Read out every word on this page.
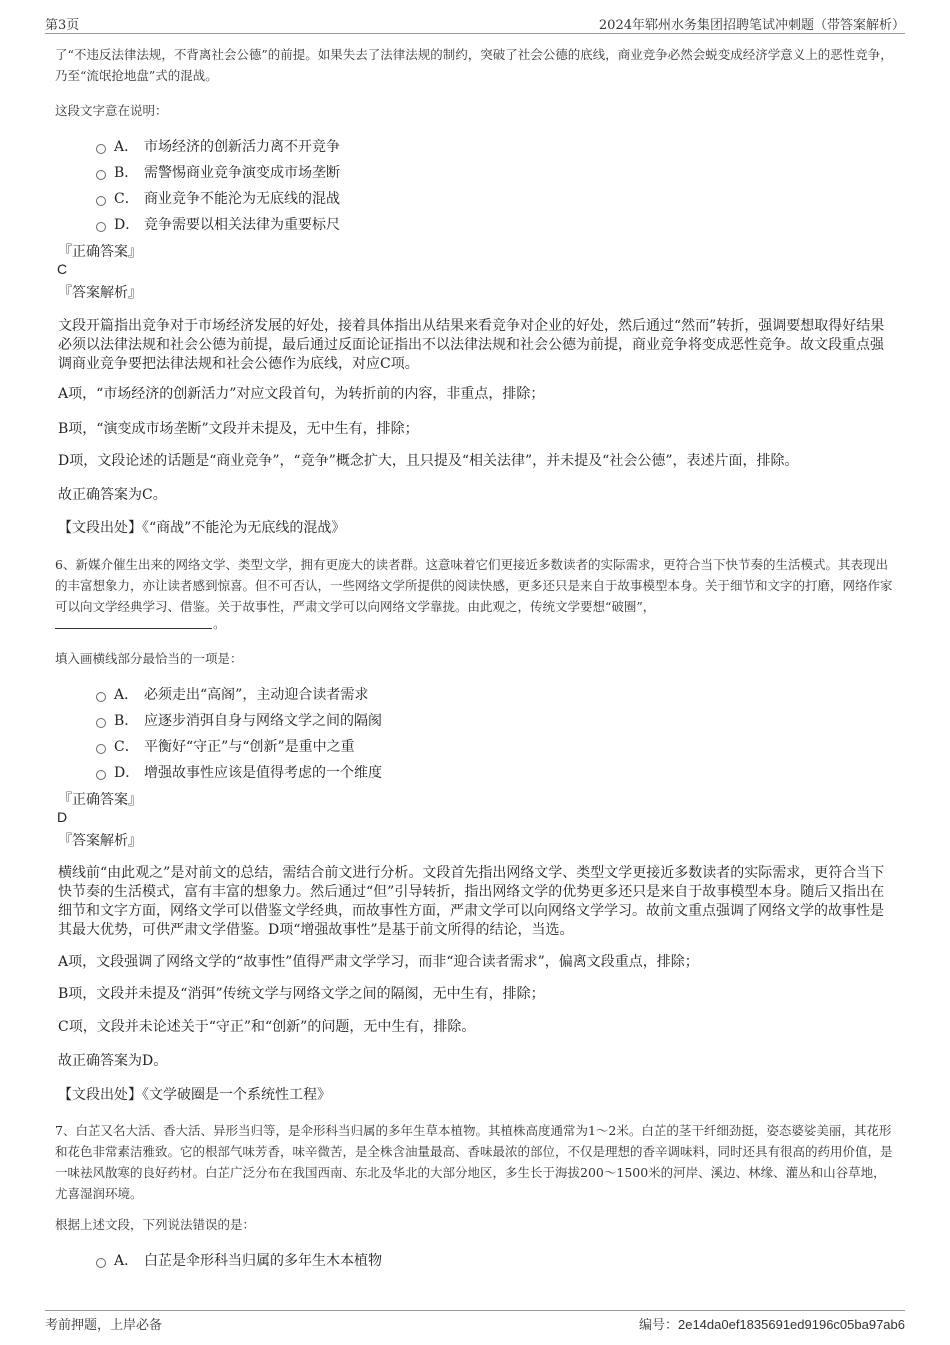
第3页	2024年郓州水务集团招聘笔试冲刺题（带答案解析）
了“不违反法律法规，不背离社会公德”的前提。如果失去了法律法规的制约，突破了社会公德的底线，商业竞争必然会蜕变成经济学意义上的恶性竞争，乃至“流氓抢地盘”式的混战。
这段文字意在说明：
A． 市场经济的创新活力离不开竞争
B． 需警惕商业竞争演变成市场垄断
C． 商业竞争不能沦为无底线的混战
D． 竞争需要以相关法律为重要标尺
『正确答案』
C
『答案解析』
文段开篇指出竞争对于市场经济发展的好处，接着具体指出从结果来看竞争对企业的好处，然后通过“然而”转折，强调要想取得好结果必须以法律法规和社会公德为前提，最后通过反面论证指出不以法律法规和社会公德为前提，商业竞争将变成恶性竞争。故文段重点强调商业竞争要把法律法规和社会公德作为底线，对应C项。
A项，“市场经济的创新活力”对应文段首句，为转折前的内容，非重点，排除；
B项，“演变成市场垄断”文段并未提及，无中生有，排除；
D项，文段论述的话题是“商业竞争”，“竞争”概念扩大，且只提及“相关法律”，并未提及“社会公德”，表述片面，排除。
故正确答案为C。
【文段出处】《“商战”不能沦为无底线的混战》
6、新媒介催生出来的网络文学、类型文学，拥有更庞大的读者群。这意味着它们更接近多数读者的实际需求，更符合当下快节奏的生活模式。其表现出的丰富想象力，亦让读者感到惊喜。但不可否认，一些网络文学所提供的阅读快感，更多还只是来自于故事模型本身。关于细节和文字的打磨，网络作家可以向文学经典学习、借鉴。关于故事性，严肃文学可以向网络文学靠拢。由此观之，传统文学要想“破圈”，
。
填入画横线部分最恰当的一项是：
A． 必须走出“高阁”，主动迎合读者需求
B． 应逐步消弭自身与网络文学之间的隔阂
C． 平衡好“守正”与“创新”是重中之重
D． 增强故事性应该是值得考虑的一个维度
『正确答案』
D
『答案解析』
横线前“由此观之”是对前文的总结，需结合前文进行分析。文段首先指出网络文学、类型文学更接近多数读者的实际需求，更符合当下快节奏的生活模式，富有丰富的想象力。然后通过“但”引导转折，指出网络文学的优势更多还只是来自于故事模型本身。随后又指出在细节和文字方面，网络文学可以借鉴文学经典，而故事性方面，严肃文学可以向网络文学学习。故前文重点强调了网络文学的故事性是其最大优势，可供严肃文学借鉴。D项“增强故事性”是基于前文所得的结论，当选。
A项，文段强调了网络文学的“故事性”值得严肃文学学习，而非“迎合读者需求”，偏离文段重点，排除；
B项，文段并未提及“消弭”传统文学与网络文学之间的隔阂，无中生有，排除；
C项，文段并未论述关于“守正”和“创新”的问题，无中生有，排除。
故正确答案为D。
【文段出处】《文学破圈是一个系统性工程》
7、白芷又名大活、香大活、异形当归等，是伞形科当归属的多年生草本植物。其植株高度通常为1～2米。白芷的茎干纤细劲挺，姿态婆娑美丽，其花形和花色非常素洁雅致。它的根部气味芳香，味辛微苦，是全株含油量最高、香味最浓的部位，不仅是理想的香辛调味料，同时还具有很高的药用价值，是一味祛风散寒的良好药材。白芷广泛分布在我国西南、东北及华北的大部分地区，多生长于海拔200～1500米的河岸、溪边、林缘、灌丛和山谷草地，尤喜湿润环境。
根据上述文段，下列说法错误的是：
A． 白芷是伞形科当归属的多年生木本植物
考前押题，上岸必备	编号：2e14da0ef1835691ed9196c05ba97ab6
